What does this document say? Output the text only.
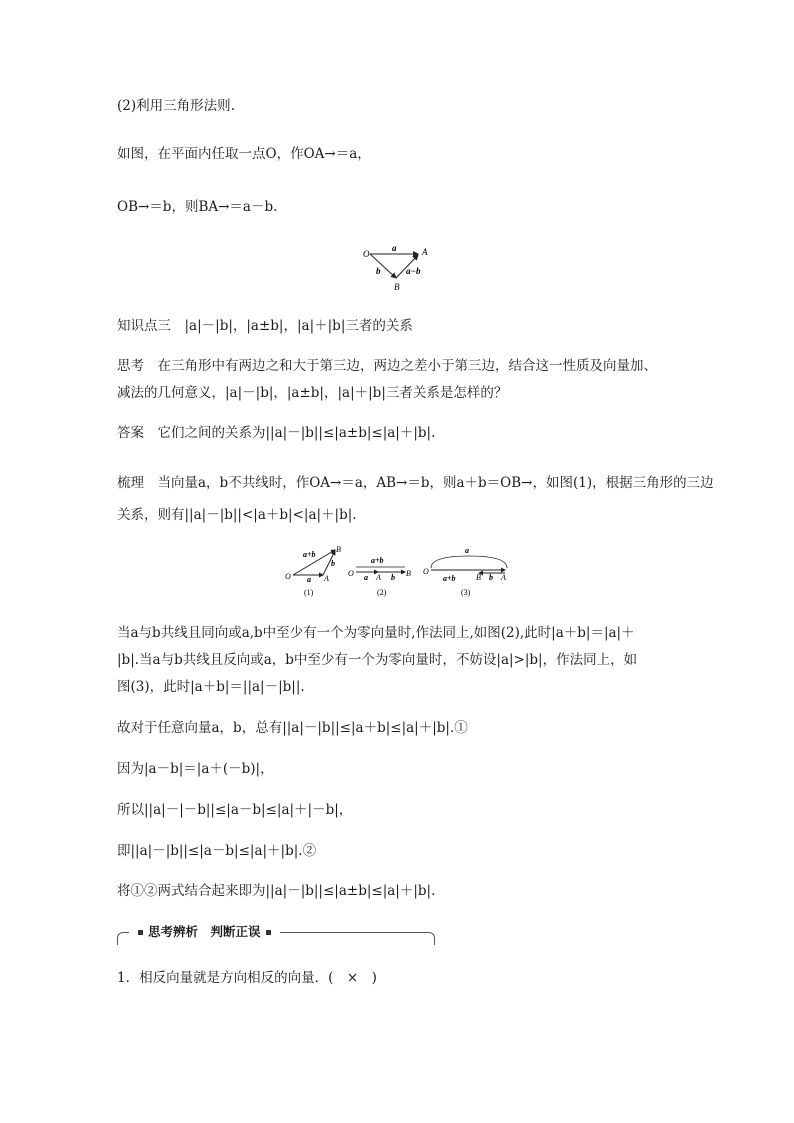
(2)利用三角形法则.
如图，在平面内任取一点O，作OA→＝a，
OB→＝b，则BA→＝a－b.
O	A
B
a
b	a−b
知识点三　|a|－|b|，|a±b|，|a|＋|b|三者的关系
思考　在三角形中有两边之和大于第三边，两边之差小于第三边，结合这一性质及向量加、
减法的几何意义，|a|－|b|，|a±b|，|a|＋|b|三者关系是怎样的？
答案　它们之间的关系为||a|－|b||≤|a±b|≤|a|＋|b|.
梳理　当向量a，b不共线时，作OA→＝a，AB→＝b，则a＋b＝OB→，如图(1)，根据三角形的三边
关系，则有||a|－|b||<|a＋b|<|a|＋|b|.
O	A
B
a+b
a
b
(1)
O	A	B
a+b
a	b
(2)
O
B	A
a
a+b	b
(3)
当a与b共线且同向或a,b中至少有一个为零向量时,作法同上,如图(2),此时|a＋b|＝|a|＋
|b|.当a与b共线且反向或a，b中至少有一个为零向量时，不妨设|a|>|b|，作法同上，如
图(3)，此时|a＋b|＝||a|－|b||.
故对于任意向量a，b，总有||a|－|b||≤|a＋b|≤|a|＋|b|.①
因为|a－b|＝|a＋(－b)|，
所以||a|－|－b||≤|a－b|≤|a|＋|－b|，
即||a|－|b||≤|a－b|≤|a|＋|b|.②
将①②两式结合起来即为||a|－|b||≤|a±b|≤|a|＋|b|.
思考辨析　判断正误
1．相反向量就是方向相反的向量．(　×　)
